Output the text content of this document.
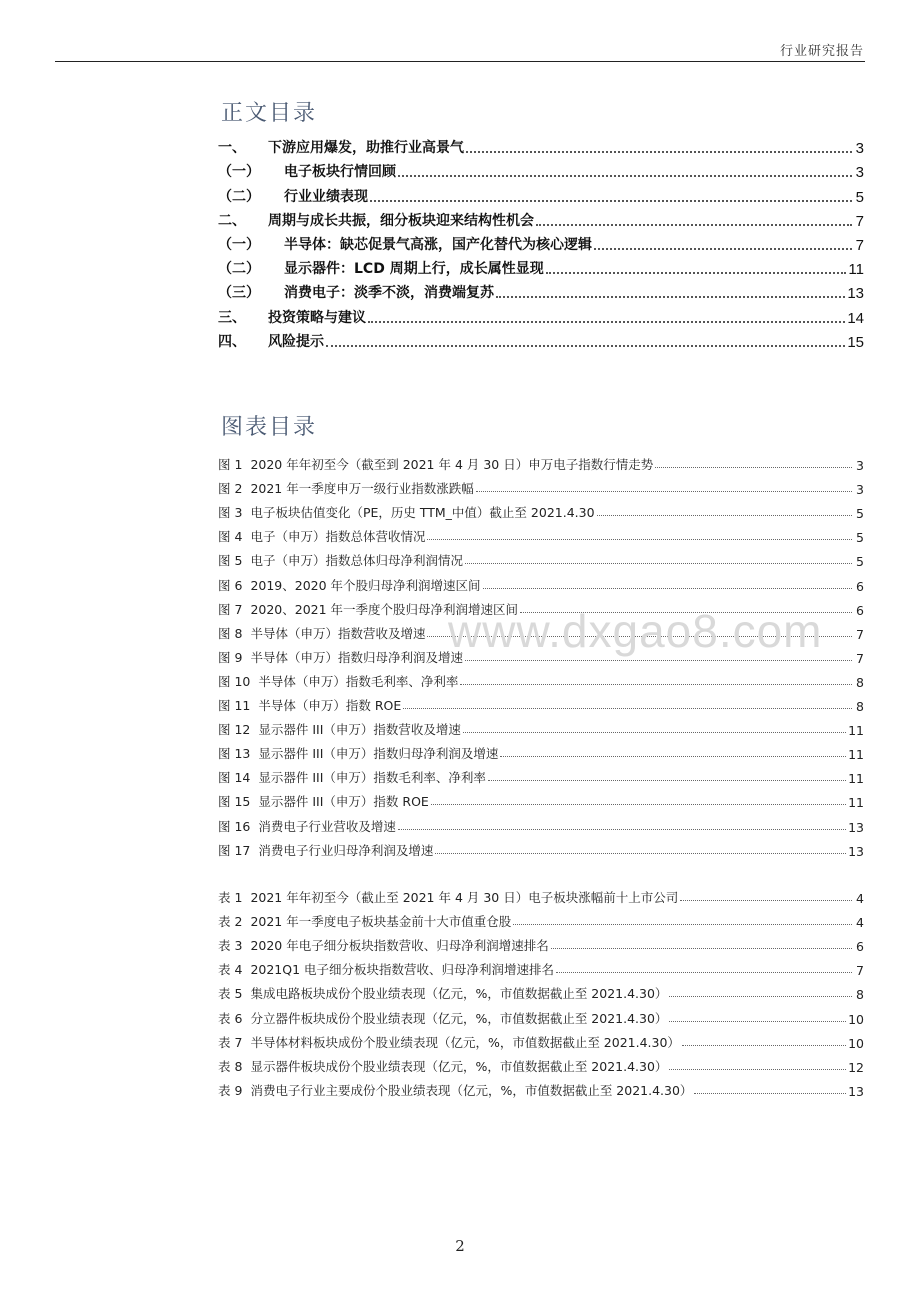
行业研究报告
正文目录
一、	下游应用爆发，助推行业高景气	3
（一）	电子板块行情回顾	3
（二）	行业业绩表现	5
二、	周期与成长共振，细分板块迎来结构性机会	7
（一）	半导体：缺芯促景气高涨，国产化替代为核心逻辑	7
（二）	显示器件：LCD 周期上行，成长属性显现	11
（三）	消费电子：淡季不淡，消费端复苏	13
三、	投资策略与建议	14
四、	风险提示	15
图表目录
图 1 2020 年年初至今（截至到 2021 年 4 月 30 日）申万电子指数行情走势	3
图 2 2021 年一季度申万一级行业指数涨跌幅	3
图 3 电子板块估值变化（PE，历史 TTM_中值）截止至 2021.4.30	5
图 4 电子（申万）指数总体营收情况	5
图 5 电子（申万）指数总体归母净利润情况	5
图 6 2019、2020 年个股归母净利润增速区间	6
图 7 2020、2021 年一季度个股归母净利润增速区间	6
图 8 半导体（申万）指数营收及增速	7
图 9 半导体（申万）指数归母净利润及增速	7
图 10 半导体（申万）指数毛利率、净利率	8
图 11 半导体（申万）指数 ROE	8
图 12 显示器件 III（申万）指数营收及增速	11
图 13 显示器件 III（申万）指数归母净利润及增速	11
图 14 显示器件 III（申万）指数毛利率、净利率	11
图 15 显示器件 III（申万）指数 ROE	11
图 16 消费电子行业营收及增速	13
图 17 消费电子行业归母净利润及增速	13
表 1 2021 年年初至今（截止至 2021 年 4 月 30 日）电子板块涨幅前十上市公司	4
表 2 2021 年一季度电子板块基金前十大市值重仓股	4
表 3 2020 年电子细分板块指数营收、归母净利润增速排名	6
表 4 2021Q1 电子细分板块指数营收、归母净利润增速排名	7
表 5 集成电路板块成份个股业绩表现（亿元，%，市值数据截止至 2021.4.30）	8
表 6 分立器件板块成份个股业绩表现（亿元，%，市值数据截止至 2021.4.30）	10
表 7 半导体材料板块成份个股业绩表现（亿元，%，市值数据截止至 2021.4.30）	10
表 8 显示器件板块成份个股业绩表现（亿元，%，市值数据截止至 2021.4.30）	12
表 9 消费电子行业主要成份个股业绩表现（亿元，%，市值数据截止至 2021.4.30）	13
www.dxgao8.com
2
